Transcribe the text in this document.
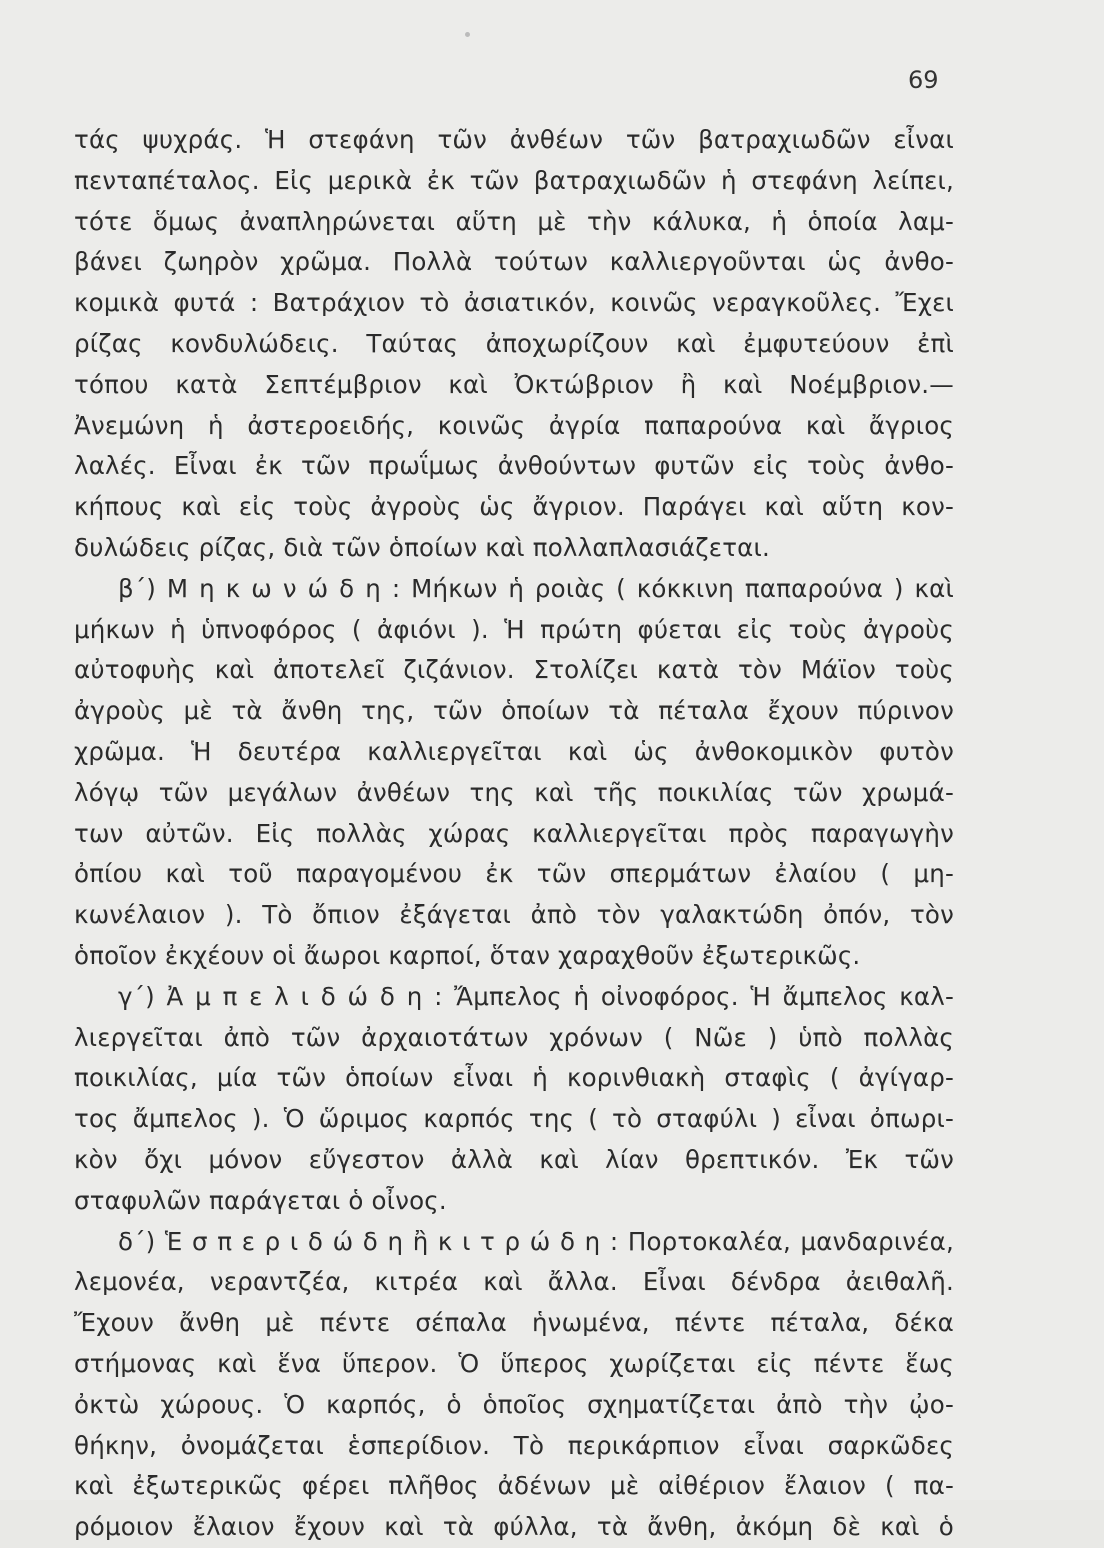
69
τάς ψυχράς. Ἡ στεφάνη τῶν ἀνθέων τῶν βατραχιωδῶν εἶναι
πενταπέταλος. Εἰς μερικὰ ἐκ τῶν βατραχιωδῶν ἡ στεφάνη λείπει,
τότε ὅμως ἀναπληρώνεται αὕτη μὲ τὴν κάλυκα, ἡ ὁποία λαμ-
βάνει ζωηρὸν χρῶμα. Πολλὰ τούτων καλλιεργοῦνται ὡς ἀνθο-
κομικὰ φυτά : Βατράχιον τὸ ἀσιατικόν, κοινῶς νεραγκοῦλες. Ἔχει
ρίζας κονδυλώδεις. Ταύτας ἀποχωρίζουν καὶ ἐμφυτεύουν ἐπὶ
τόπου κατὰ Σεπτέμβριον καὶ Ὀκτώβριον ἢ καὶ Νοέμβριον.—
Ἀνεμώνη ἡ ἀστεροειδής, κοινῶς ἀγρία παπαρούνα καὶ ἄγριος
λαλές. Εἶναι ἐκ τῶν πρωΐμως ἀνθούντων φυτῶν εἰς τοὺς ἀνθο-
κήπους καὶ εἰς τοὺς ἀγροὺς ὡς ἄγριον. Παράγει καὶ αὕτη κον-
δυλώδεις ρίζας, διὰ τῶν ὁποίων καὶ πολλαπλασιάζεται.
β΄) Μ η κ ω ν ώ δ η : Μήκων ἡ ροιὰς ( κόκκινη παπαρούνα ) καὶ
μήκων ἡ ὑπνοφόρος ( ἀφιόνι ). Ἡ πρώτη φύεται εἰς τοὺς ἀγροὺς
αὐτοφυὴς καὶ ἀποτελεῖ ζιζάνιον. Στολίζει κατὰ τὸν Μάϊον τοὺς
ἀγροὺς μὲ τὰ ἄνθη της, τῶν ὁποίων τὰ πέταλα ἔχουν πύρινον
χρῶμα. Ἡ δευτέρα καλλιεργεῖται καὶ ὡς ἀνθοκομικὸν φυτὸν
λόγῳ τῶν μεγάλων ἀνθέων της καὶ τῆς ποικιλίας τῶν χρωμά-
των αὐτῶν. Εἰς πολλὰς χώρας καλλιεργεῖται πρὸς παραγωγὴν
ὀπίου καὶ τοῦ παραγομένου ἐκ τῶν σπερμάτων ἐλαίου ( μη-
κωνέλαιον ). Τὸ ὄπιον ἐξάγεται ἀπὸ τὸν γαλακτώδη ὀπόν, τὸν
ὁποῖον ἐκχέουν οἱ ἄωροι καρποί, ὅταν χαραχθοῦν ἐξωτερικῶς.
γ΄) Ἀ μ π ε λ ι δ ώ δ η : Ἄμπελος ἡ οἰνοφόρος. Ἡ ἄμπελος καλ-
λιεργεῖται ἀπὸ τῶν ἀρχαιοτάτων χρόνων ( Νῶε ) ὑπὸ πολλὰς
ποικιλίας, μία τῶν ὁποίων εἶναι ἡ κορινθιακὴ σταφὶς ( ἀγίγαρ-
τος ἄμπελος ). Ὁ ὥριμος καρπός της ( τὸ σταφύλι ) εἶναι ὀπωρι-
κὸν ὄχι μόνον εὔγεστον ἀλλὰ καὶ λίαν θρεπτικόν. Ἐκ τῶν
σταφυλῶν παράγεται ὁ οἶνος.
δ΄) Ἑ σ π ε ρ ι δ ώ δ η ἢ κ ι τ ρ ώ δ η : Πορτοκαλέα, μανδαρινέα,
λεμονέα, νεραντζέα, κιτρέα καὶ ἄλλα. Εἶναι δένδρα ἀειθαλῆ.
Ἔχουν ἄνθη μὲ πέντε σέπαλα ἡνωμένα, πέντε πέταλα, δέκα
στήμονας καὶ ἕνα ὕπερον. Ὁ ὕπερος χωρίζεται εἰς πέντε ἕως
ὀκτὼ χώρους. Ὁ καρπός, ὁ ὁποῖος σχηματίζεται ἀπὸ τὴν ᾠο-
θήκην, ὀνομάζεται ἑσπερίδιον. Τὸ περικάρπιον εἶναι σαρκῶδες
καὶ ἐξωτερικῶς φέρει πλῆθος ἀδένων μὲ αἰθέριον ἔλαιον ( πα-
ρόμοιον ἔλαιον ἔχουν καὶ τὰ φύλλα, τὰ ἄνθη, ἀκόμη δὲ καὶ ὁ
